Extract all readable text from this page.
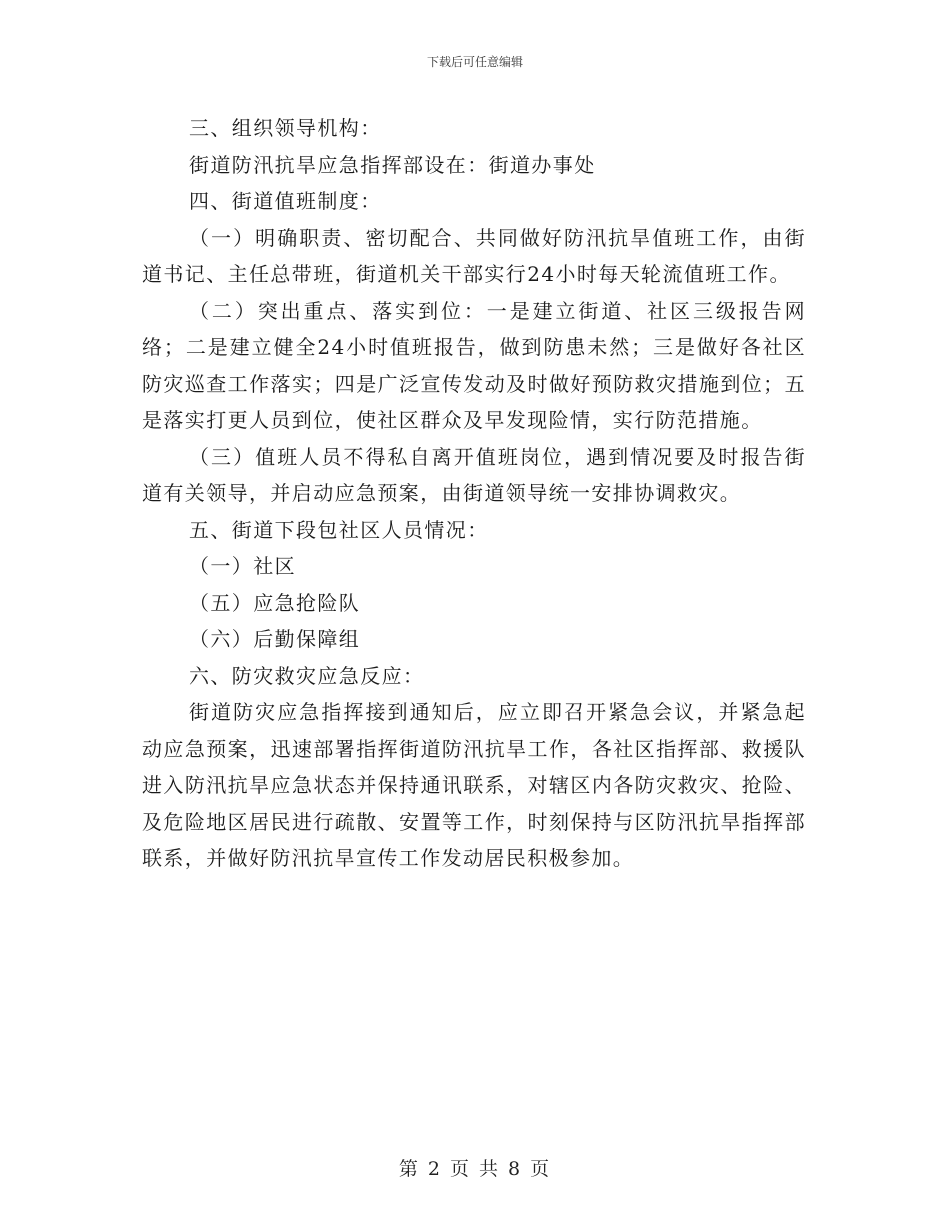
下载后可任意编辑

三、组织领导机构：

街道防汛抗旱应急指挥部设在：街道办事处

四、街道值班制度：

（一）明确职责、密切配合、共同做好防汛抗旱值班工作，由街道书记、主任总带班，街道机关干部实行24小时每天轮流值班工作。

（二）突出重点、落实到位：一是建立街道、社区三级报告网络；二是建立健全24小时值班报告，做到防患未然；三是做好各社区防灾巡查工作落实；四是广泛宣传发动及时做好预防救灾措施到位；五是落实打更人员到位，使社区群众及早发现险情，实行防范措施。

（三）值班人员不得私自离开值班岗位，遇到情况要及时报告街道有关领导，并启动应急预案，由街道领导统一安排协调救灾。

五、街道下段包社区人员情况：

（一）社区

（五）应急抢险队

（六）后勤保障组

六、防灾救灾应急反应：

街道防灾应急指挥接到通知后，应立即召开紧急会议，并紧急起动应急预案，迅速部署指挥街道防汛抗旱工作，各社区指挥部、救援队进入防汛抗旱应急状态并保持通讯联系，对辖区内各防灾救灾、抢险、及危险地区居民进行疏散、安置等工作，时刻保持与区防汛抗旱指挥部联系，并做好防汛抗旱宣传工作发动居民积极参加。

第 2 页 共 8 页
